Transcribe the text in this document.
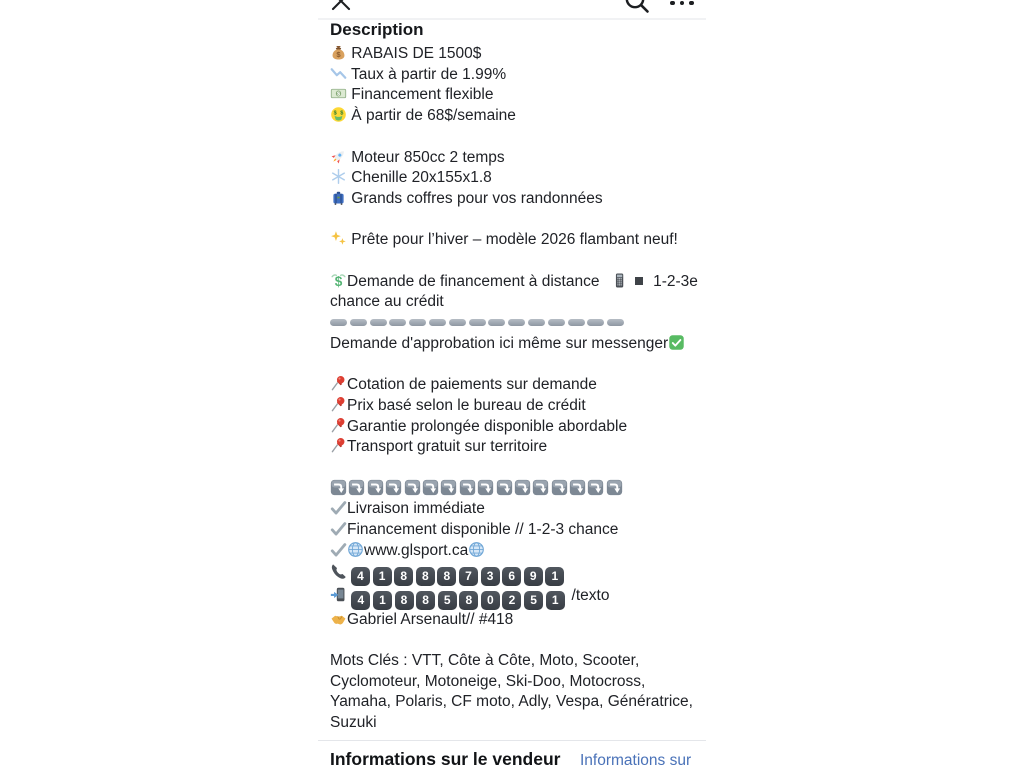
Description
$ RABAIS DE 1500$
Taux à partir de 1.99%
$ Financement flexible
$ $ À partir de 68$/semaine
Moteur 850cc 2 temps
Chenille 20x155x1.8
Grands coffres pour vos randonnées
Prête pour l’hiver – modèle 2026 flambant neuf!
$ Demande de financement à distance	1-2-3e chance au crédit
Demande d'approbation ici même sur messenger
Cotation de paiements sur demande
Prix basé selon le bureau de crédit
Garantie prolongée disponible abordable
Transport gratuit sur territoire
Livraison immédiate
Financement disponible // 1-2-3 chance
www.glsport.ca
4 1 8 8 8 7 3 6 9 1
4 1 8 8 5 8 0 2 5 1 /texto
Gabriel Arsenault// #418
Mots Clés : VTT, Côte à Côte, Moto, Scooter, Cyclomoteur, Motoneige, Ski-Doo, Motocross, Yamaha, Polaris, CF moto, Adly, Vespa, Génératrice, Suzuki
Informations sur le vendeur Informations sur
